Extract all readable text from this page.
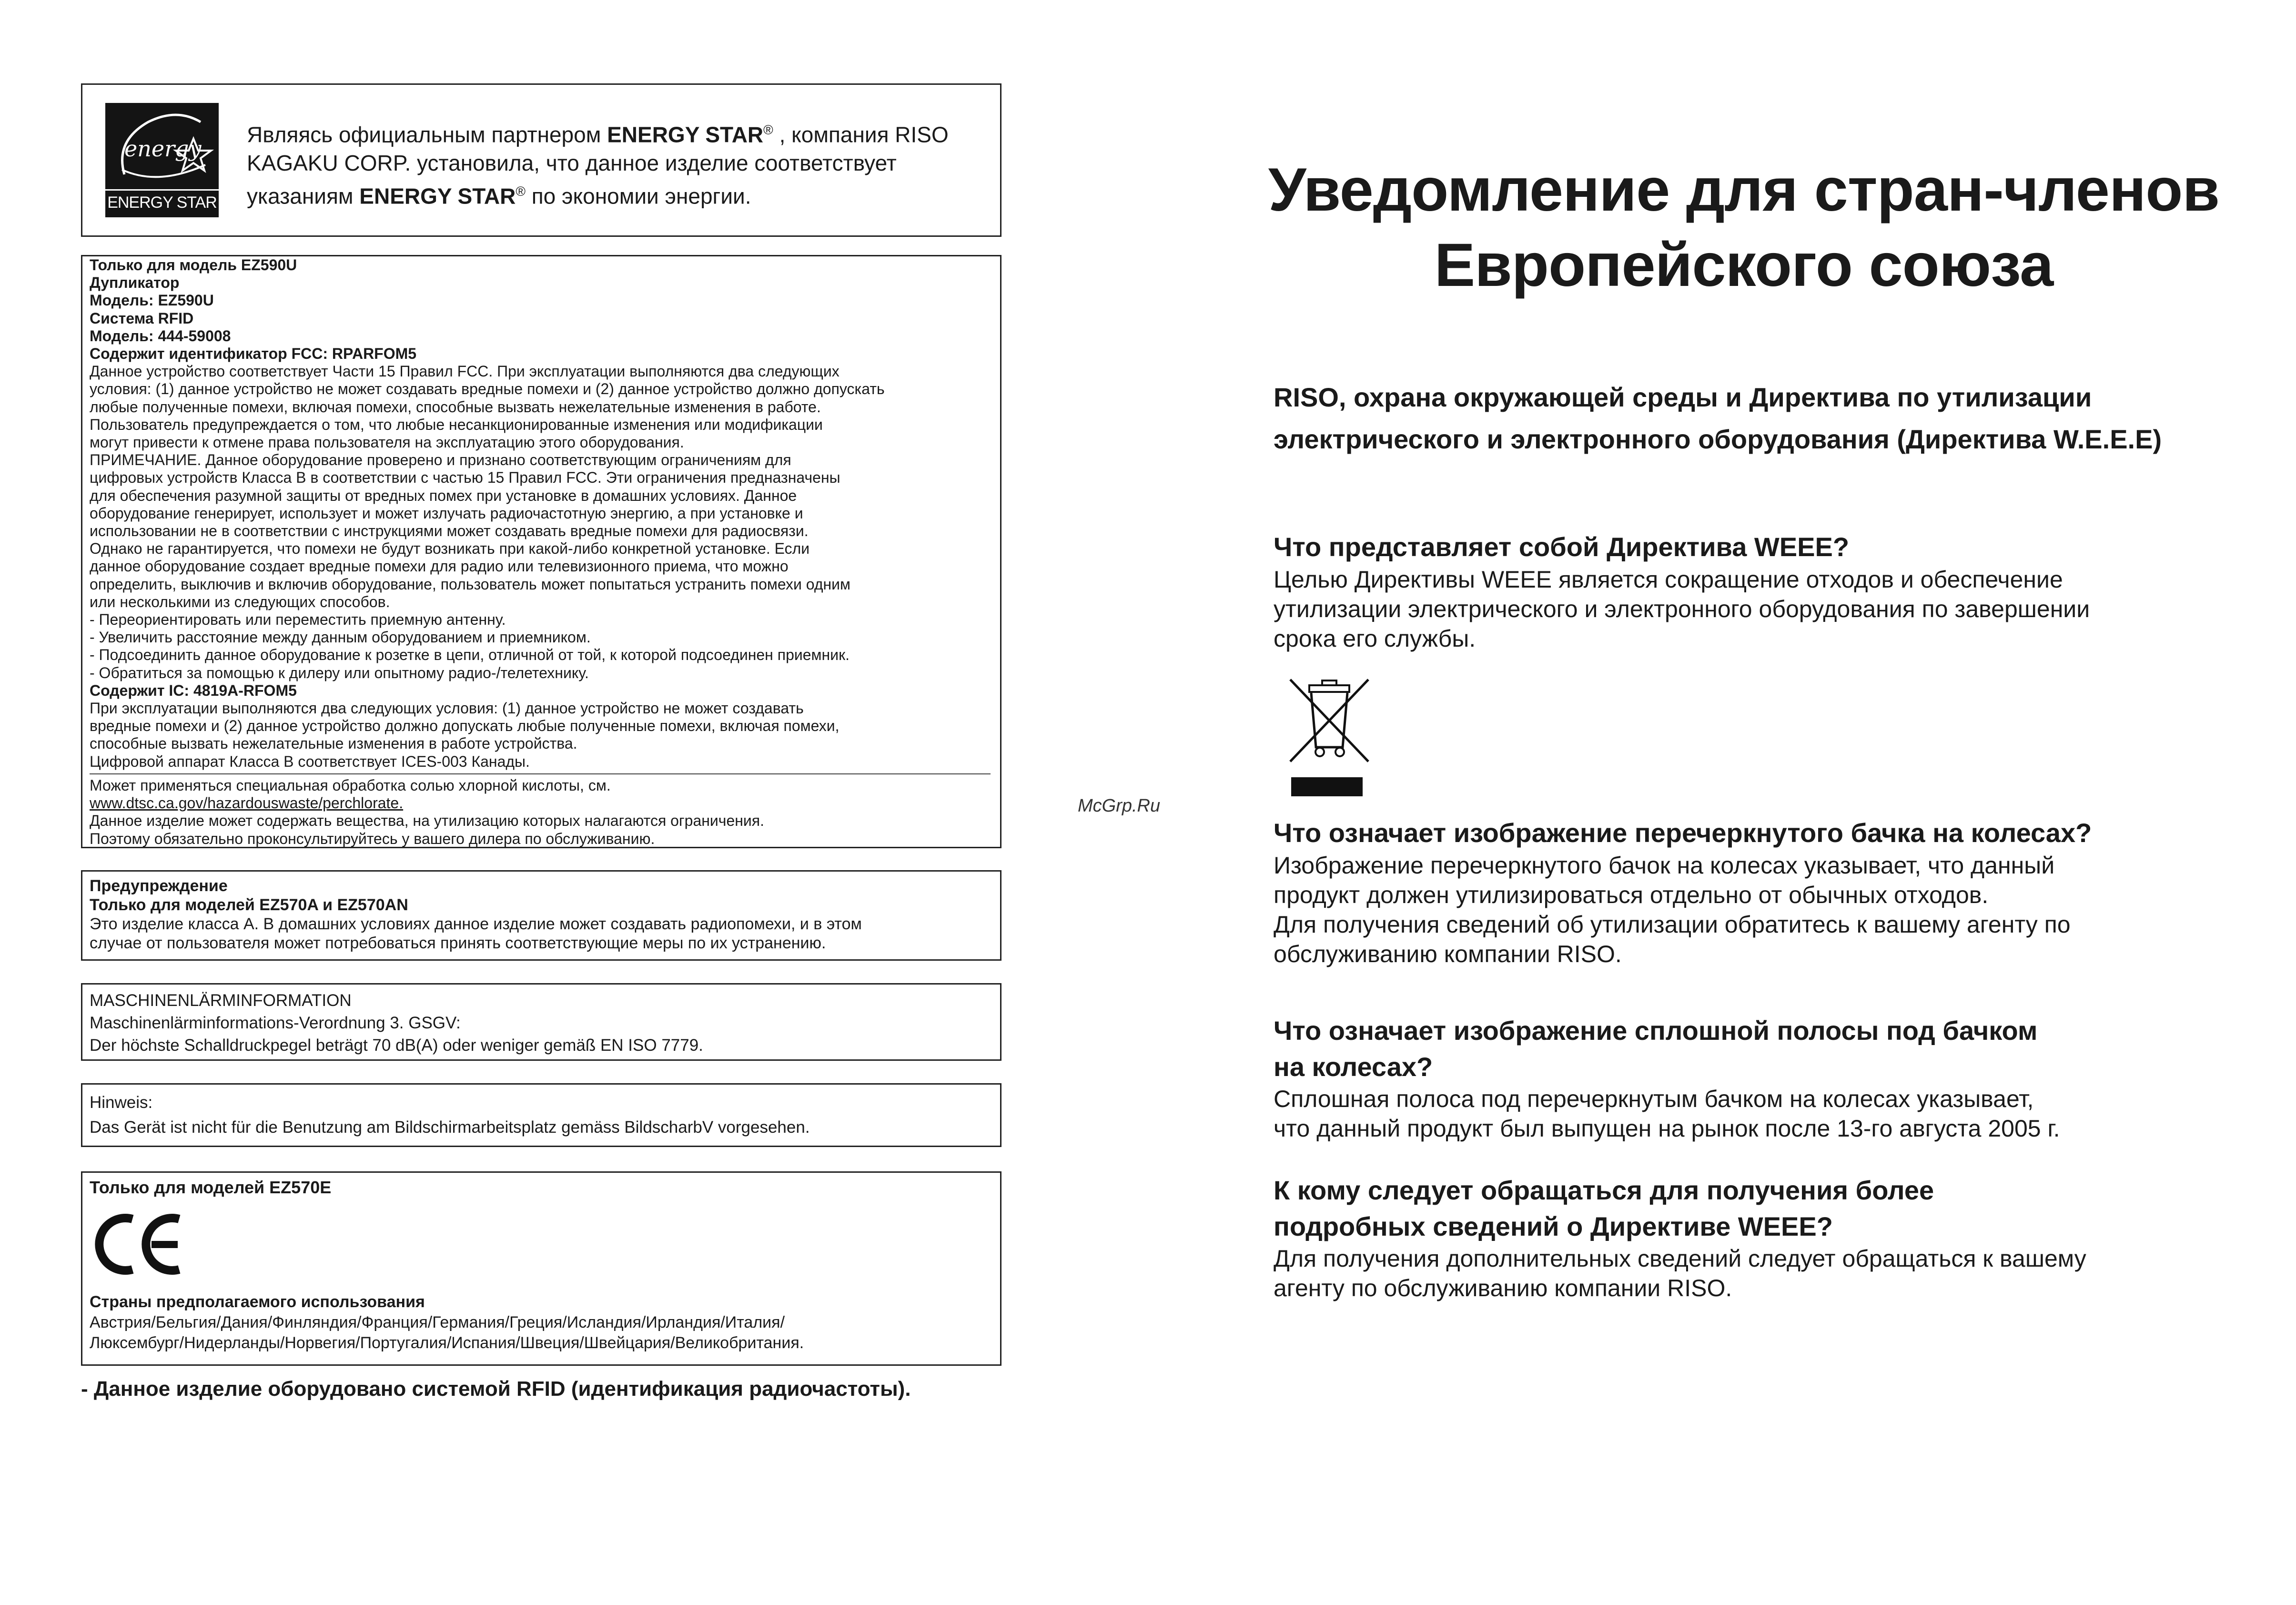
energy
ENERGY STAR
Являясь официальным партнером ENERGY STAR® , компания RISO
KAGAKU CORP. установила, что данное изделие соответствует
указаниям ENERGY STAR® по экономии энергии.
Только для модель EZ590U
Дупликатор
Модель: EZ590U
Система RFID
Модель: 444-59008
Содержит идентификатор FCC: RPARFOM5
Данное устройство соответствует Части 15 Правил FCC. При эксплуатации выполняются два следующих
условия: (1) данное устройство не может создавать вредные помехи и (2) данное устройство должно допускать
любые полученные помехи, включая помехи, способные вызвать нежелательные изменения в работе.
Пользователь предупреждается о том, что любые несанкционированные изменения или модификации
могут привести к отмене права пользователя на эксплуатацию этого оборудования.
ПРИМЕЧАНИЕ. Данное оборудование проверено и признано соответствующим ограничениям для
цифровых устройств Класса B в соответствии с частью 15 Правил FCC. Эти ограничения предназначены
для обеспечения разумной защиты от вредных помех при установке в домашних условиях. Данное
оборудование генерирует, использует и может излучать радиочастотную энергию, а при установке и
использовании не в соответствии с инструкциями может создавать вредные помехи для радиосвязи.
Однако не гарантируется, что помехи не будут возникать при какой-либо конкретной установке. Если
данное оборудование создает вредные помехи для радио или телевизионного приема, что можно
определить, выключив и включив оборудование, пользователь может попытаться устранить помехи одним
или несколькими из следующих способов.
- Переориентировать или переместить приемную антенну.
- Увеличить расстояние между данным оборудованием и приемником.
- Подсоединить данное оборудование к розетке в цепи, отличной от той, к которой подсоединен приемник.
- Обратиться за помощью к дилеру или опытному радио-/телетехнику.
Содержит IC: 4819A-RFOM5
При эксплуатации выполняются два следующих условия: (1) данное устройство не может создавать
вредные помехи и (2) данное устройство должно допускать любые полученные помехи, включая помехи,
способные вызвать нежелательные изменения в работе устройства.
Цифровой аппарат Класса B соответствует ICES-003 Канады.
Может применяться специальная обработка солью хлорной кислоты, см.
www.dtsc.ca.gov/hazardouswaste/perchlorate.
Данное изделие может содержать вещества, на утилизацию которых налагаются ограничения.
Поэтому обязательно проконсультируйтесь у вашего дилера по обслуживанию.
Предупреждение
Только для моделей EZ570A и EZ570AN
Это изделие класса A. В домашних условиях данное изделие может создавать радиопомехи, и в этом
случае от пользователя может потребоваться принять соответствующие меры по их устранению.
MASCHINENLÄRMINFORMATION
Maschinenlärminformations-Verordnung 3. GSGV:
Der höchste Schalldruckpegel beträgt 70 dB(A) oder weniger gemäß EN ISO 7779.
Hinweis:
Das Gerät ist nicht für die Benutzung am Bildschirmarbeitsplatz gemäss BildscharbV vorgesehen.
Только для моделей EZ570E
Страны предполагаемого использования
Австрия/Бельгия/Дания/Финляндия/Франция/Германия/Греция/Исландия/Ирландия/Италия/
Люксембург/Нидерланды/Норвегия/Португалия/Испания/Швеция/Швейцария/Великобритания.
- Данное изделие оборудовано системой RFID (идентификация радиочастоты).
McGrp.Ru
Уведомление для стран-членов
Европейского союза
RISO, охрана окружающей среды и Директива по утилизации
электрического и электронного оборудования (Директива W.E.E.E)
Что представляет собой Директива WEEE?
Целью Директивы WEEE является сокращение отходов и обеспечение
утилизации электрического и электронного оборудования по завершении
срока его службы.
Что означает изображение перечеркнутого бачка на колесах?
Изображение перечеркнутого бачок на колесах указывает, что данный
продукт должен утилизироваться отдельно от обычных отходов.
Для получения сведений об утилизации обратитесь к вашему агенту по
обслуживанию компании RISO.
Что означает изображение сплошной полосы под бачком
на колесах?
Сплошная полоса под перечеркнутым бачком на колесах указывает,
что данный продукт был выпущен на рынок после 13-го августа 2005 г.
К кому следует обращаться для получения более
подробных сведений о Директиве WEEE?
Для получения дополнительных сведений следует обращаться к вашему
агенту по обслуживанию компании RISO.
